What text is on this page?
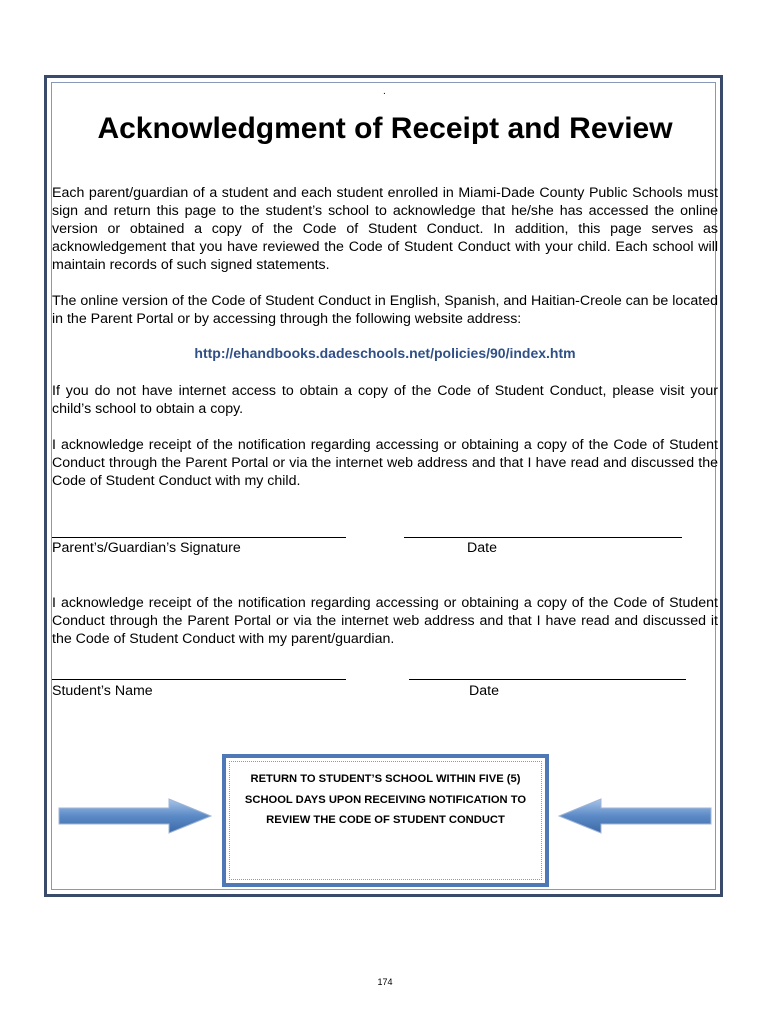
.
Acknowledgment of Receipt and Review

Each parent/guardian of a student and each student enrolled in Miami-Dade County Public Schools must sign and return this page to the student’s school to acknowledge that he/she has accessed the online version or obtained a copy of the Code of Student Conduct. In addition, this page serves as acknowledgement that you have reviewed the Code of Student Conduct with your child. Each school will maintain records of such signed statements.

The online version of the Code of Student Conduct in English, Spanish, and Haitian-Creole can be located in the Parent Portal or by accessing through the following website address:

http://ehandbooks.dadeschools.net/policies/90/index.htm

If you do not have internet access to obtain a copy of the Code of Student Conduct, please visit your child’s school to obtain a copy.

I acknowledge receipt of the notification regarding accessing or obtaining a copy of the Code of Student Conduct through the Parent Portal or via the internet web address and that I have read and discussed the Code of Student Conduct with my child.

Parent’s/Guardian’s Signature	Date

I acknowledge receipt of the notification regarding accessing or obtaining a copy of the Code of Student Conduct through the Parent Portal or via the internet web address and that I have read and discussed it the Code of Student Conduct with my parent/guardian.

Student’s Name	Date
RETURN TO STUDENT’S SCHOOL WITHIN FIVE (5)
SCHOOL DAYS UPON RECEIVING NOTIFICATION TO
REVIEW THE CODE OF STUDENT CONDUCT
174
